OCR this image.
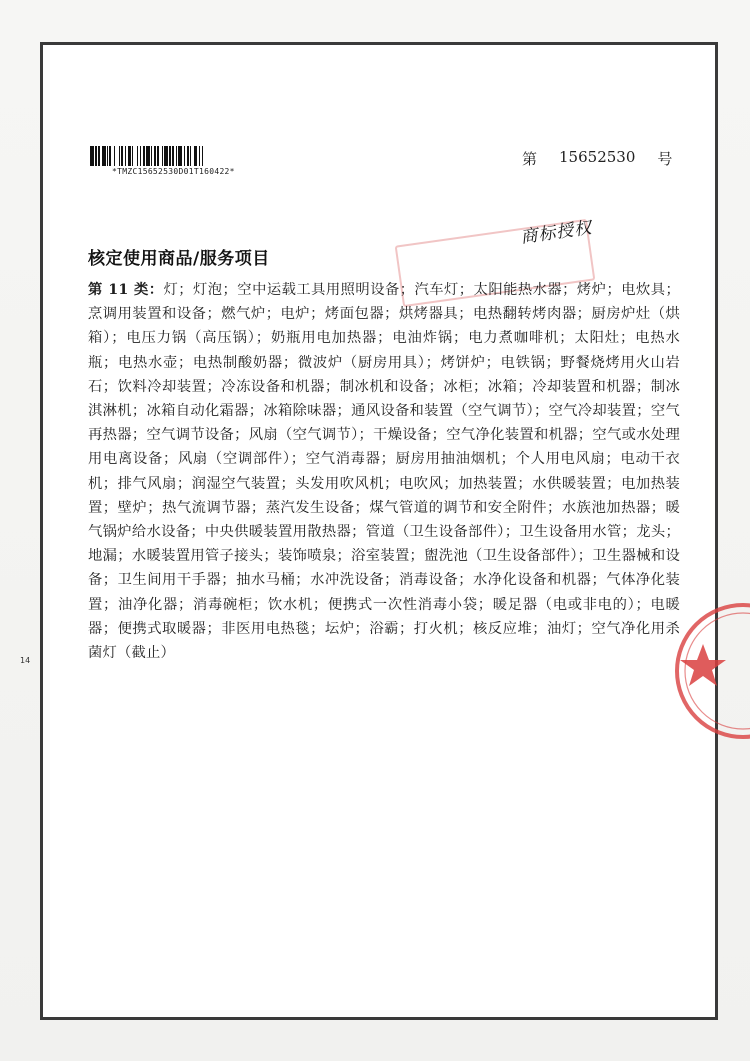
*TMZC15652530D01T160422*
第 15652530 号
商标授权
核定使用商品/服务项目
第 11 类：灯；灯泡；空中运载工具用照明设备；汽车灯；太阳能热水器；烤炉；电炊具；烹调用装置和设备；燃气炉；电炉；烤面包器；烘烤器具；电热翻转烤肉器；厨房炉灶（烘箱）；电压力锅（高压锅）；奶瓶用电加热器；电油炸锅；电力煮咖啡机；太阳灶；电热水瓶；电热水壶；电热制酸奶器；微波炉（厨房用具）；烤饼炉；电铁锅；野餐烧烤用火山岩石；饮料冷却装置；冷冻设备和机器；制冰机和设备；冰柜；冰箱；冷却装置和机器；制冰淇淋机；冰箱自动化霜器；冰箱除味器；通风设备和装置（空气调节）；空气冷却装置；空气再热器；空气调节设备；风扇（空气调节）；干燥设备；空气净化装置和机器；空气或水处理用电离设备；风扇（空调部件）；空气消毒器；厨房用抽油烟机；个人用电风扇；电动干衣机；排气风扇；润湿空气装置；头发用吹风机；电吹风；加热装置；水供暖装置；电加热装置；壁炉；热气流调节器；蒸汽发生设备；煤气管道的调节和安全附件；水族池加热器；暖气锅炉给水设备；中央供暖装置用散热器；管道（卫生设备部件）；卫生设备用水管；龙头；地漏；水暖装置用管子接头；装饰喷泉；浴室装置；盥洗池（卫生设备部件）；卫生器械和设备；卫生间用干手器；抽水马桶；水冲洗设备；消毒设备；水净化设备和机器；气体净化装置；油净化器；消毒碗柜；饮水机；便携式一次性消毒小袋；暖足器（电或非电的）；电暖器；便携式取暖器；非医用电热毯；坛炉；浴霸；打火机；核反应堆；油灯；空气净化用杀菌灯（截止）
14
